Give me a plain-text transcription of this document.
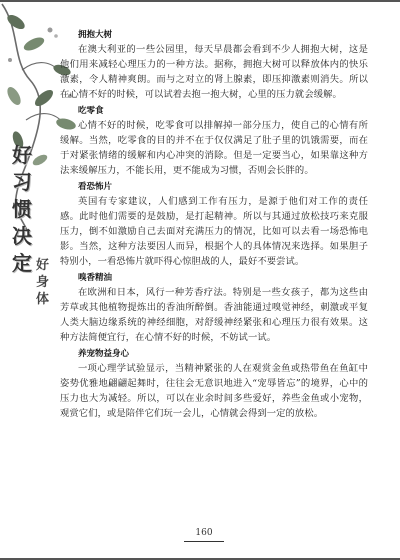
好习惯决定 好身体
拥抱大树

在澳大利亚的一些公园里，每天早晨都会看到不少人拥抱大树，这是他们用来减轻心理压力的一种方法。据称，拥抱大树可以释放体内的快乐激素，令人精神爽朗。而与之对立的肾上腺素，即压抑激素则消失。所以在心情不好的时候，可以试着去抱一抱大树，心里的压力就会缓解。

吃零食

心情不好的时候，吃零食可以排解掉一部分压力，使自己的心情有所缓解。当然，吃零食的目的并不在于仅仅满足了肚子里的饥饿需要，而在于对紧张情绪的缓解和内心冲突的消除。但是一定要当心，如果靠这种方法来缓解压力，不能长用，更不能成为习惯，否则会长胖的。

看恐怖片

英国有专家建议，人们感到工作有压力，是源于他们对工作的责任感。此时他们需要的是鼓励，是打起精神。所以与其通过放松技巧来克服压力，倒不如激励自己去面对充满压力的情况，比如可以去看一场恐怖电影。当然，这种方法要因人而异，根据个人的具体情况来选择。如果胆子特别小，一看恐怖片就吓得心惊胆战的人，最好不要尝试。

嗅香精油

在欧洲和日本，风行一种芳香疗法。特别是一些女孩子，都为这些由芳草或其他植物提炼出的香油所醉倒。香油能通过嗅觉神经，刺激或平复人类大脑边缘系统的神经细胞，对舒缓神经紧张和心理压力很有效果。这种方法简便宜行，在心情不好的时候，不妨试一试。

养宠物益身心

一项心理学试验显示，当精神紧张的人在观赏金鱼或热带鱼在鱼缸中姿势优雅地翩翩起舞时，往往会无意识地进入“宠辱皆忘”的境界，心中的压力也大为减轻。所以，可以在业余时间多些爱好，养些金鱼或小宠物，观赏它们，或是陪伴它们玩一会儿，心情就会得到一定的放松。

160
